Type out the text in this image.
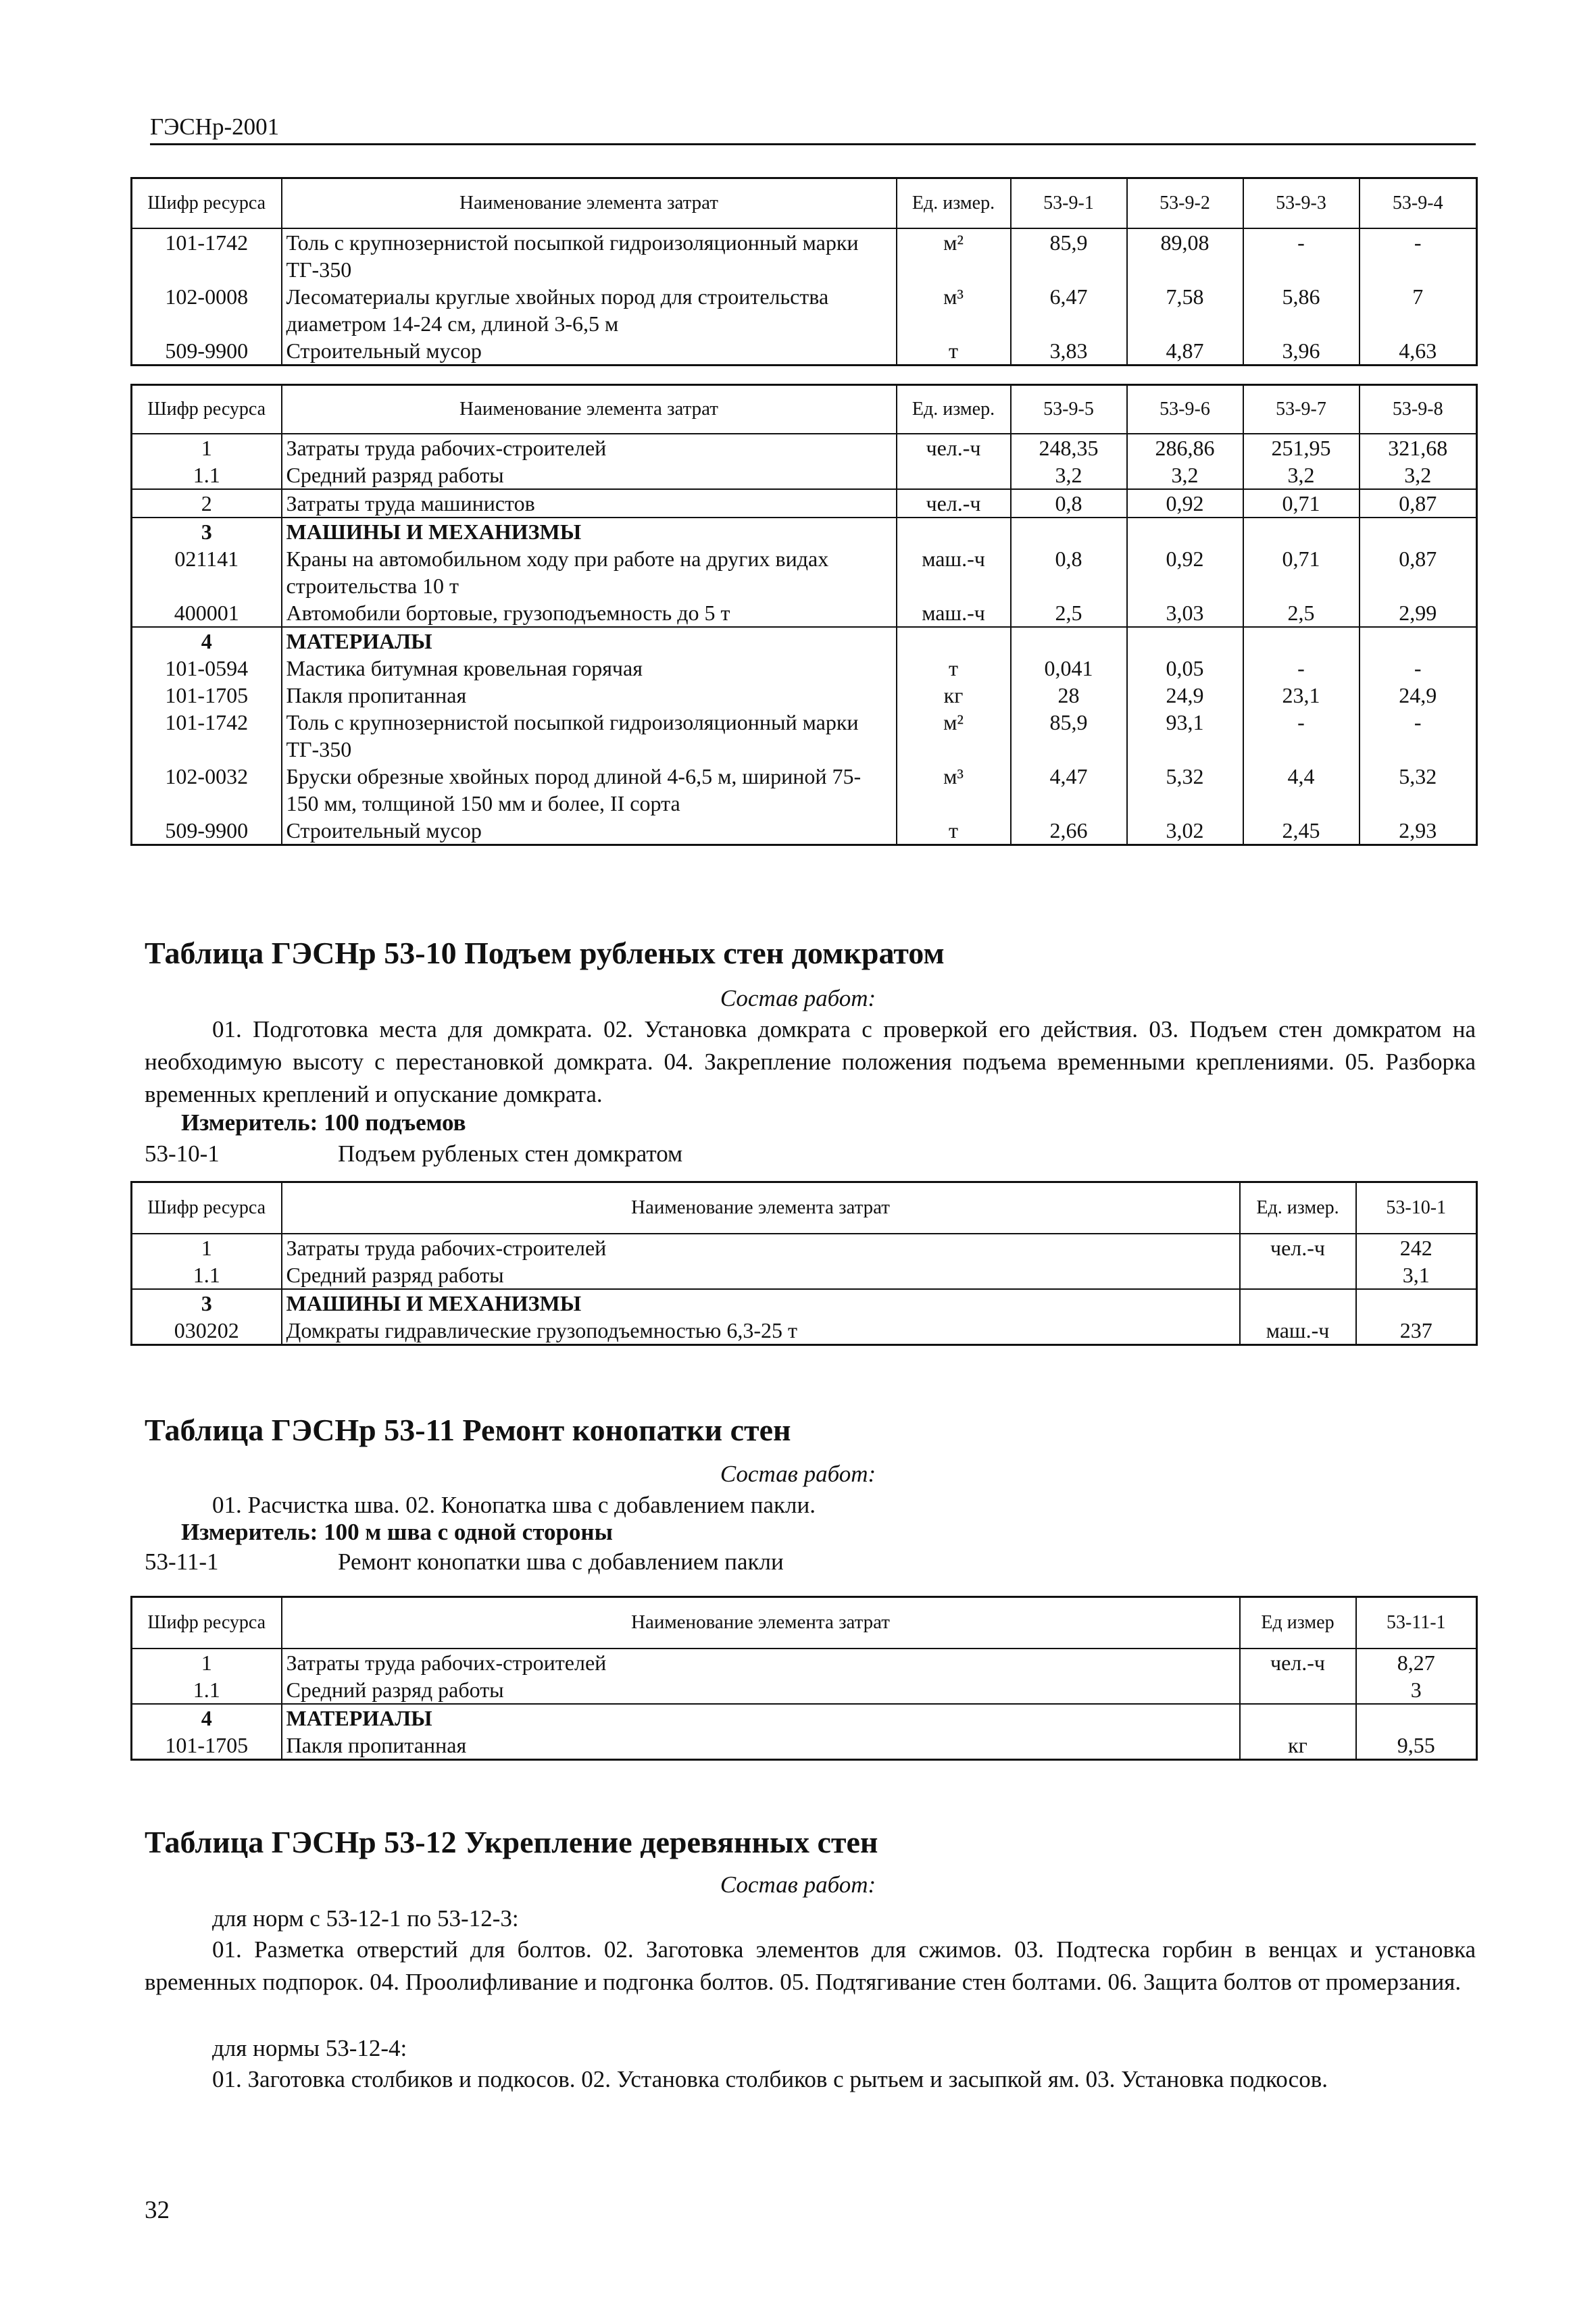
ГЭСНр-2001
Шифр ресурса	Наименование элемента затрат	Ед. измер.	53-9-1	53-9-2	53-9-3	53-9-4
101-1742	Толь с крупнозернистой посыпкой гидроизоляционный марки ТГ-350	м²	85,9	89,08	-	-
102-0008	Лесоматериалы круглые хвойных пород для строительства диаметром 14-24 см, длиной 3-6,5 м	м³	6,47	7,58	5,86	7
509-9900	Строительный мусор	т	3,83	4,87	3,96	4,63
Шифр ресурса	Наименование элемента затрат	Ед. измер.	53-9-5	53-9-6	53-9-7	53-9-8
1	Затраты труда рабочих-строителей	чел.-ч	248,35	286,86	251,95	321,68
1.1	Средний разряд работы		3,2	3,2	3,2	3,2
2	Затраты труда машинистов	чел.-ч	0,8	0,92	0,71	0,87
3	МАШИНЫ И МЕХАНИЗМЫ					
021141	Краны на автомобильном ходу при работе на других видах строительства 10 т	маш.-ч	0,8	0,92	0,71	0,87
400001	Автомобили бортовые, грузоподъемность до 5 т	маш.-ч	2,5	3,03	2,5	2,99
4	МАТЕРИАЛЫ					
101-0594	Мастика битумная кровельная горячая	т	0,041	0,05	-	-
101-1705	Пакля пропитанная	кг	28	24,9	23,1	24,9
101-1742	Толь с крупнозернистой посыпкой гидроизоляционный марки ТГ-350	м²	85,9	93,1	-	-
102-0032	Бруски обрезные хвойных пород длиной 4-6,5 м, шириной 75-150 мм, толщиной 150 мм и более, II сорта	м³	4,47	5,32	4,4	5,32
509-9900	Строительный мусор	т	2,66	3,02	2,45	2,93
Таблица ГЭСНр 53-10 Подъем рубленых стен домкратом
Состав работ:
01. Подготовка места для домкрата. 02. Установка домкрата с проверкой его действия. 03. Подъем стен домкратом на необходимую высоту с перестановкой домкрата. 04. Закрепление положения подъема временными креплениями. 05. Разборка временных креплений и опускание домкрата.
Измеритель: 100 подъемов
53-10-1	Подъем рубленых стен домкратом
Шифр ресурса	Наименование элемента затрат	Ед. измер.	53-10-1
1	Затраты труда рабочих-строителей	чел.-ч	242
1.1	Средний разряд работы		3,1
3	МАШИНЫ И МЕХАНИЗМЫ		
030202	Домкраты гидравлические грузоподъемностью 6,3-25 т	маш.-ч	237
Таблица ГЭСНр 53-11 Ремонт конопатки стен
Состав работ:
01. Расчистка шва. 02. Конопатка шва с добавлением пакли.
Измеритель: 100 м шва с одной стороны
53-11-1	Ремонт конопатки шва с добавлением пакли
Шифр ресурса	Наименование элемента затрат	Ед измер	53-11-1
1	Затраты труда рабочих-строителей	чел.-ч	8,27
1.1	Средний разряд работы		3
4	МАТЕРИАЛЫ		
101-1705	Пакля пропитанная	кг	9,55
Таблица ГЭСНр 53-12 Укрепление деревянных стен
Состав работ:
для норм с 53-12-1 по 53-12-3:
01. Разметка отверстий для болтов. 02. Заготовка элементов для сжимов. 03. Подтеска горбин в венцах и установка временных подпорок. 04. Проолифливание и подгонка болтов. 05. Подтягивание стен болтами. 06. Защита болтов от промерзания.
для нормы 53-12-4:
01. Заготовка столбиков и подкосов. 02. Установка столбиков с рытьем и засыпкой ям. 03. Установка подкосов.
32
